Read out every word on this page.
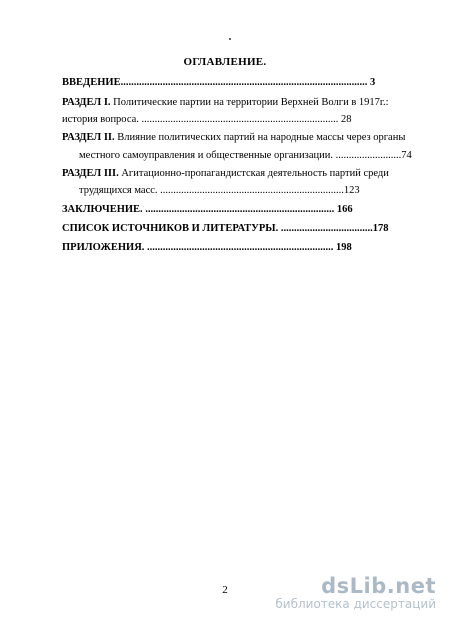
ОГЛАВЛЕНИЕ.
ВВЕДЕНИЕ.............................................................................................. 3
РАЗДЕЛ I. Политические партии на территории Верхней Волги в 1917г.:
история вопроса. ........................................................................... 28
РАЗДЕЛ II. Влияние политических партий на народные массы через органы
местного самоуправления и общественные организации. .........................74
РАЗДЕЛ III. Агитационно-пропагандистская деятельность партий среди
трудящихся масс. ......................................................................123
ЗАКЛЮЧЕНИЕ. ........................................................................ 166
СПИСОК ИСТОЧНИКОВ И ЛИТЕРАТУРЫ. ...................................178
ПРИЛОЖЕНИЯ. ....................................................................... 198
2	dsLib.net
библиотека диссертаций
